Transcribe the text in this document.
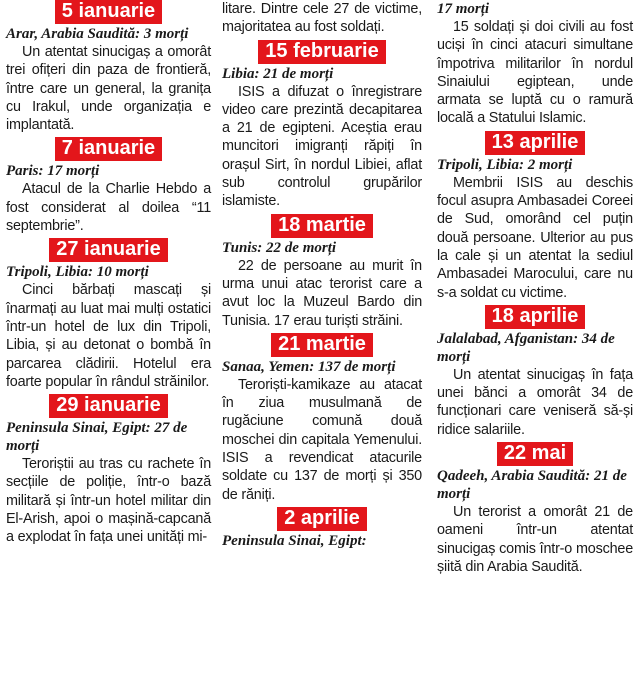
5 ianuarie

Arar, Arabia Saudită: 3 morți

Un atentat sinucigaș a omorât trei ofițeri din paza de frontieră, între care un general, la granița cu Irakul, unde organizația e implantată.

7 ianuarie

Paris: 17 morți

Atacul de la Charlie Hebdo a fost considerat al doilea “11 septembrie”.

27 ianuarie

Tripoli, Libia: 10 morți

Cinci bărbați mascați și înarmați au luat mai mulți ostatici într-un hotel de lux din Tripoli, Libia, și au detonat o bombă în parcarea clădirii. Hotelul era foarte popular în rândul străinilor.

29 ianuarie

Peninsula Sinai, Egipt: 27 de morți

Teroriștii au tras cu rachete în secțiile de poliție, într-o bază militară și într-un hotel militar din El-Arish, apoi o mașină-capcană a explodat în fața unei unități mi-

litare. Dintre cele 27 de victime, majoritatea au fost soldați.

15 februarie

Libia: 21 de morți

ISIS a difuzat o înregistrare video care prezintă decapitarea a 21 de egipteni. Aceștia erau muncitori imigranți răpiți în orașul Sirt, în nordul Libiei, aflat sub controlul grupărilor islamiste.

18 martie

Tunis: 22 de morți

22 de persoane au murit în urma unui atac terorist care a avut loc la Muzeul Bardo din Tunisia. 17 erau turiști străini.

21 martie

Sanaa, Yemen: 137 de morți

Teroriști-kamikaze au atacat în ziua musulmană de rugăciune comună două moschei din capitala Yemenului. ISIS a revendicat atacurile soldate cu 137 de morți și 350 de răniți.

2 aprilie

Peninsula Sinai, Egipt:

17 morți

15 soldați și doi civili au fost uciși în cinci atacuri simultane împotriva militarilor în nordul Sinaiului egiptean, unde armata se luptă cu o ramură locală a Statului Islamic.

13 aprilie

Tripoli, Libia: 2 morți

Membrii ISIS au deschis focul asupra Ambasadei Coreei de Sud, omorând cel puțin două persoane. Ulterior au pus la cale și un atentat la sediul Ambasadei Marocului, care nu s-a soldat cu victime.

18 aprilie

Jalalabad, Afganistan: 34 de morți

Un atentat sinucigaș în fața unei bănci a omorât 34 de funcționari care veniseră să-și ridice salariile.

22 mai

Qadeeh, Arabia Saudită: 21 de morți

Un terorist a omorât 21 de oameni într-un atentat sinucigaș comis într-o moschee șiită din Arabia Saudită.
